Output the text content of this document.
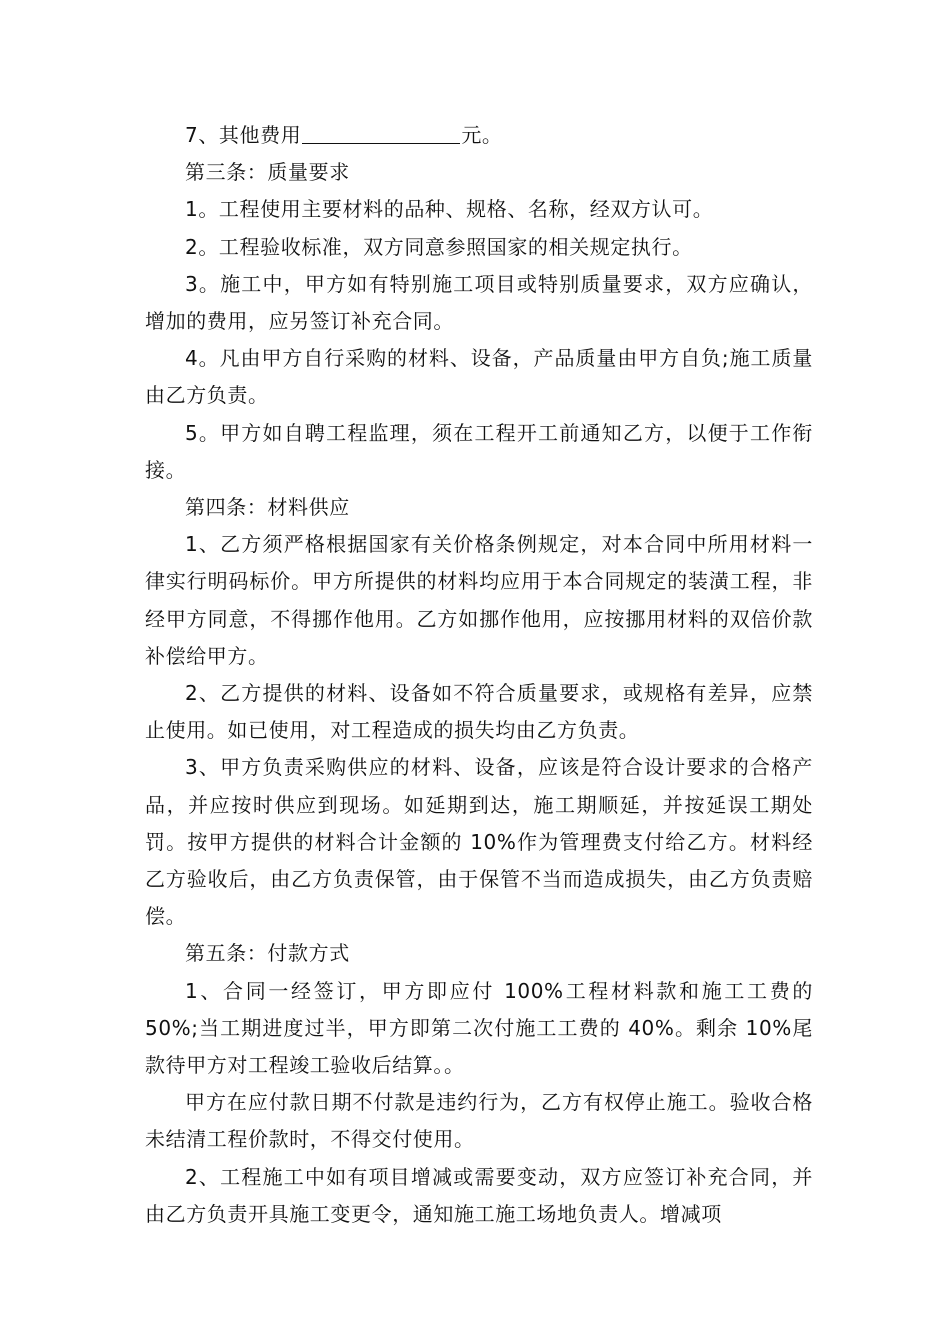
7、其他费用	元。

第三条：质量要求

1。工程使用主要材料的品种、规格、名称，经双方认可。

2。工程验收标准，双方同意参照国家的相关规定执行。

3。施工中，甲方如有特别施工项目或特别质量要求，双方应确认，增加的费用，应另签订补充合同。

4。凡由甲方自行采购的材料、设备，产品质量由甲方自负;施工质量由乙方负责。

5。甲方如自聘工程监理，须在工程开工前通知乙方，以便于工作衔接。

第四条：材料供应

1、乙方须严格根据国家有关价格条例规定，对本合同中所用材料一律实行明码标价。甲方所提供的材料均应用于本合同规定的装潢工程，非经甲方同意，不得挪作他用。乙方如挪作他用，应按挪用材料的双倍价款补偿给甲方。

2、乙方提供的材料、设备如不符合质量要求，或规格有差异，应禁止使用。如已使用，对工程造成的损失均由乙方负责。

3、甲方负责采购供应的材料、设备，应该是符合设计要求的合格产品，并应按时供应到现场。如延期到达，施工期顺延，并按延误工期处罚。按甲方提供的材料合计金额的 10%作为管理费支付给乙方。材料经乙方验收后，由乙方负责保管，由于保管不当而造成损失，由乙方负责赔偿。

第五条：付款方式

1、合同一经签订，甲方即应付 100%工程材料款和施工工费的 50%;当工期进度过半，甲方即第二次付施工工费的 40%。剩余 10%尾款待甲方对工程竣工验收后结算。。

甲方在应付款日期不付款是违约行为，乙方有权停止施工。验收合格未结清工程价款时，不得交付使用。

2、工程施工中如有项目增减或需要变动，双方应签订补充合同，并由乙方负责开具施工变更令，通知施工施工场地负责人。增减项
